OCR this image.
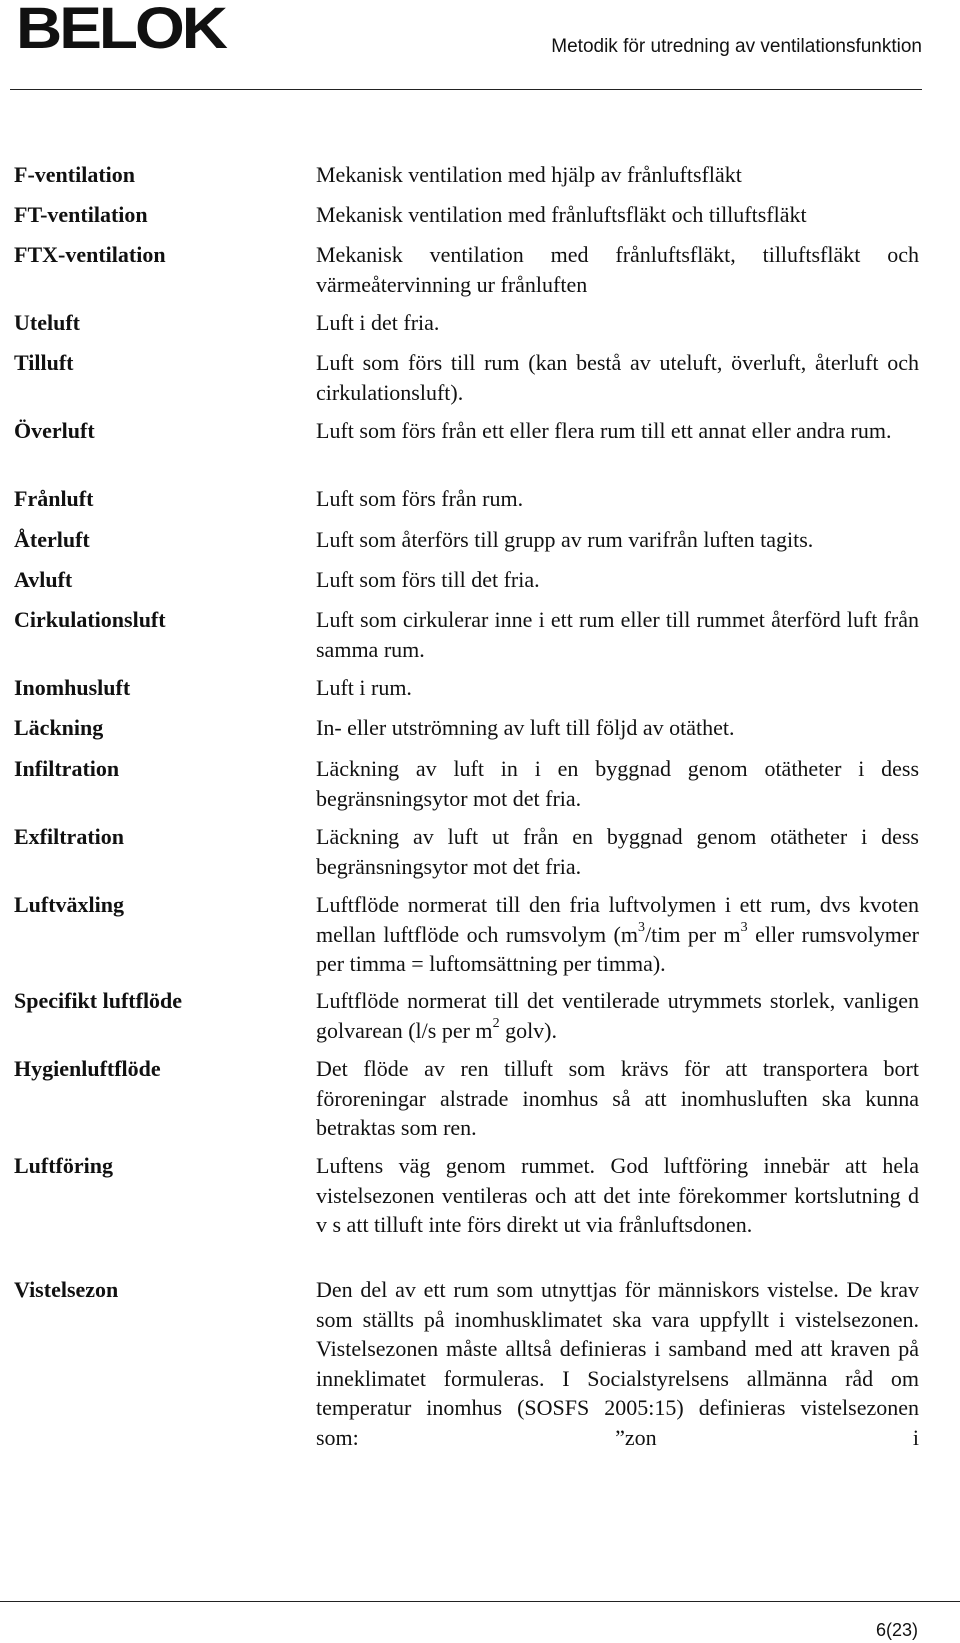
BELOK	Metodik för utredning av ventilationsfunktion
F-ventilation	Mekanisk ventilation med hjälp av frånluftsfläkt
FT-ventilation	Mekanisk ventilation med frånluftsfläkt och tilluftsfläkt
FTX-ventilation	Mekanisk ventilation med frånluftsfläkt, tilluftsfläkt och värmeåtervinning ur frånluften
Uteluft	Luft i det fria.
Tilluft	Luft som förs till rum (kan bestå av uteluft, överluft, återluft och cirkulationsluft).
Överluft	Luft som förs från ett eller flera rum till ett annat eller andra rum.
Frånluft	Luft som förs från rum.
Återluft	Luft som återförs till grupp av rum varifrån luften tagits.
Avluft	Luft som förs till det fria.
Cirkulationsluft	Luft som cirkulerar inne i ett rum eller till rummet återförd luft från samma rum.
Inomhusluft	Luft i rum.
Läckning	In- eller utströmning av luft till följd av otäthet.
Infiltration	Läckning av luft in i en byggnad genom otätheter i dess begränsningsytor mot det fria.
Exfiltration	Läckning av luft ut från en byggnad genom otätheter i dess begränsningsytor mot det fria.
Luftväxling	Luftflöde normerat till den fria luftvolymen i ett rum, dvs kvoten mellan luftflöde och rumsvolym ($m^3$/tim per $m^3$ eller rumsvolymer per timma = luftomsättning per timma).
Specifikt luftflöde	Luftflöde normerat till det ventilerade utrymmets storlek, vanligen golvarean (l/s per $m^2$ golv).
Hygienluftflöde	Det flöde av ren tilluft som krävs för att transportera bort föroreningar alstrade inomhus så att inomhusluften ska kunna betraktas som ren.
Luftföring	Luftens väg genom rummet. God luftföring innebär att hela vistelsezonen ventileras och att det inte förekommer kortslutning d v s att tilluft inte förs direkt ut via frånluftsdonen.
Vistelsezon	Den del av ett rum som utnyttjas för människors vistelse. De krav som ställts på inomhusklimatet ska vara uppfyllt i vistelsezonen. Vistelsezonen måste alltså definieras i samband med att kraven på inneklimatet formuleras. I Socialstyrelsens allmänna råd om temperatur inomhus (SOSFS 2005:15) definieras vistelsezonen som: ”zon i
6(23)
